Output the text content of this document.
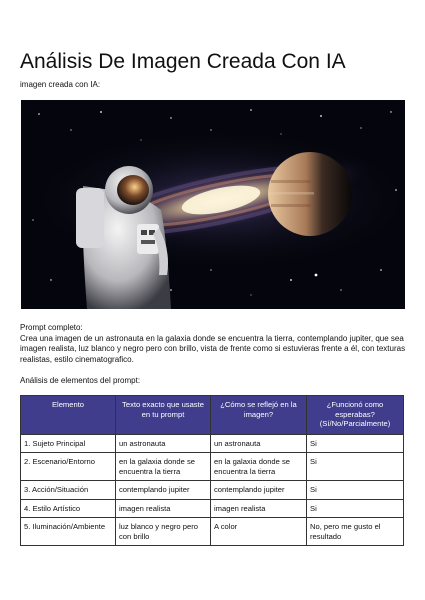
Análisis De Imagen Creada Con IA
imagen creada con IA:
Prompt completo:
Crea una imagen de un astronauta en la galaxia donde se encuentra la tierra, contemplando jupiter, que sea imagen realista, luz blanco y negro pero con brillo, vista de frente como si estuvieras frente a él, con texturas realistas, estilo cinematografico.
Análisis de elementos del prompt:
Elemento	Texto exacto que usaste en tu prompt	¿Cómo se reflejó en la imagen?	¿Funcionó como esperabas? (Sí/No/Parcialmente)
1. Sujeto Principal	un astronauta	un astronauta	Si
2. Escenario/Entorno	en la galaxia donde se encuentra la tierra	en la galaxia donde se encuentra la tierra	Si
3. Acción/Situación	contemplando jupiter	contemplando jupiter	Si
4. Estilo Artístico	imagen realista	imagen realista	Si
5. Iluminación/Ambiente	luz blanco y negro pero con brillo	A color	No, pero me gusto el resultado
